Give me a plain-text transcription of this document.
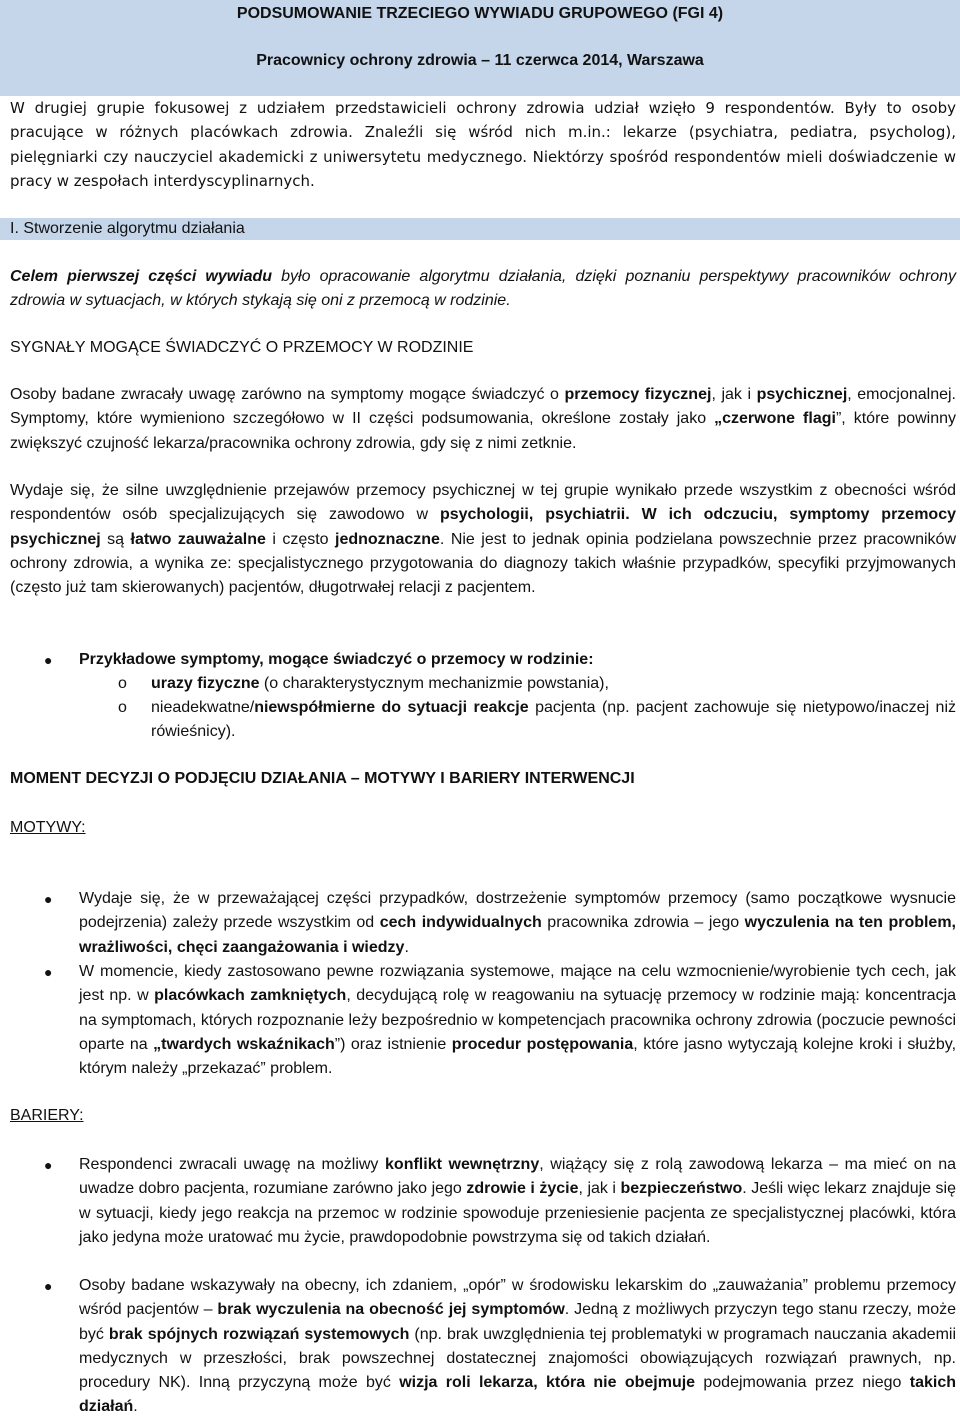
PODSUMOWANIE TRZECIEGO WYWIADU GRUPOWEGO (FGI 4)
Pracownicy ochrony zdrowia – 11 czerwca 2014, Warszawa

W drugiej grupie fokusowej z udziałem przedstawicieli ochrony zdrowia udział wzięło 9 respondentów. Były to osoby pracujące w różnych placówkach zdrowia. Znaleźli się wśród nich m.in.: lekarze (psychiatra, pediatra, psycholog), pielęgniarki czy nauczyciel akademicki z uniwersytetu medycznego. Niektórzy spośród respondentów mieli doświadczenie w pracy w zespołach interdyscyplinarnych.

I. Stworzenie algorytmu działania

Celem pierwszej części wywiadu było opracowanie algorytmu działania, dzięki poznaniu perspektywy pracowników ochrony zdrowia w sytuacjach, w których stykają się oni z przemocą w rodzinie.

SYGNAŁY MOGĄCE ŚWIADCZYĆ O PRZEMOCY W RODZINIE

Osoby badane zwracały uwagę zarówno na symptomy mogące świadczyć o przemocy fizycznej, jak i psychicznej, emocjonalnej. Symptomy, które wymieniono szczegółowo w II części podsumowania, określone zostały jako „czerwone flagi”, które powinny zwiększyć czujność lekarza/pracownika ochrony zdrowia, gdy się z nimi zetknie.

Wydaje się, że silne uwzględnienie przejawów przemocy psychicznej w tej grupie wynikało przede wszystkim z obecności wśród respondentów osób specjalizujących się zawodowo w psychologii, psychiatrii. W ich odczuciu, symptomy przemocy psychicznej są łatwo zauważalne i często jednoznaczne. Nie jest to jednak opinia podzielana powszechnie przez pracowników ochrony zdrowia, a wynika ze: specjalistycznego przygotowania do diagnozy takich właśnie przypadków, specyfiki przyjmowanych (często już tam skierowanych) pacjentów, długotrwałej relacji z pacjentem.

● Przykładowe symptomy, mogące świadczyć o przemocy w rodzinie:
o urazy fizyczne (o charakterystycznym mechanizmie powstania),

o nieadekwatne/niewspółmierne do sytuacji reakcje pacjenta (np. pacjent zachowuje się nietypowo/inaczej niż rówieśnicy).

MOMENT DECYZJI O PODJĘCIU DZIAŁANIA – MOTYWY I BARIERY INTERWENCJI
MOTYWY:
● Wydaje się, że w przeważającej części przypadków, dostrzeżenie symptomów przemocy (samo początkowe wysnucie podejrzenia) zależy przede wszystkim od cech indywidualnych pracownika zdrowia – jego wyczulenia na ten problem, wrażliwości, chęci zaangażowania i wiedzy.

● W momencie, kiedy zastosowano pewne rozwiązania systemowe, mające na celu wzmocnienie/wyrobienie tych cech, jak jest np. w placówkach zamkniętych, decydującą rolę w reagowaniu na sytuację przemocy w rodzinie mają: koncentracja na symptomach, których rozpoznanie leży bezpośrednio w kompetencjach pracownika ochrony zdrowia (poczucie pewności oparte na „twardych wskaźnikach”) oraz istnienie procedur postępowania, które jasno wytyczają kolejne kroki i służby, którym należy „przekazać” problem.

BARIERY:
● Respondenci zwracali uwagę na możliwy konflikt wewnętrzny, wiążący się z rolą zawodową lekarza – ma mieć on na uwadze dobro pacjenta, rozumiane zarówno jako jego zdrowie i życie, jak i bezpieczeństwo. Jeśli więc lekarz znajduje się w sytuacji, kiedy jego reakcja na przemoc w rodzinie spowoduje przeniesienie pacjenta ze specjalistycznej placówki, która jako jedyna może uratować mu życie, prawdopodobnie powstrzyma się od takich działań.

● Osoby badane wskazywały na obecny, ich zdaniem, „opór” w środowisku lekarskim do „zauważania” problemu przemocy wśród pacjentów – brak wyczulenia na obecność jej symptomów. Jedną z możliwych przyczyn tego stanu rzeczy, może być brak spójnych rozwiązań systemowych (np. brak uwzględnienia tej problematyki w programach nauczania akademii medycznych w przeszłości, brak powszechnej dostatecznej znajomości obowiązujących rozwiązań prawnych, np. procedury NK). Inną przyczyną może być wizja roli lekarza, która nie obejmuje podejmowania przez niego takich działań.
